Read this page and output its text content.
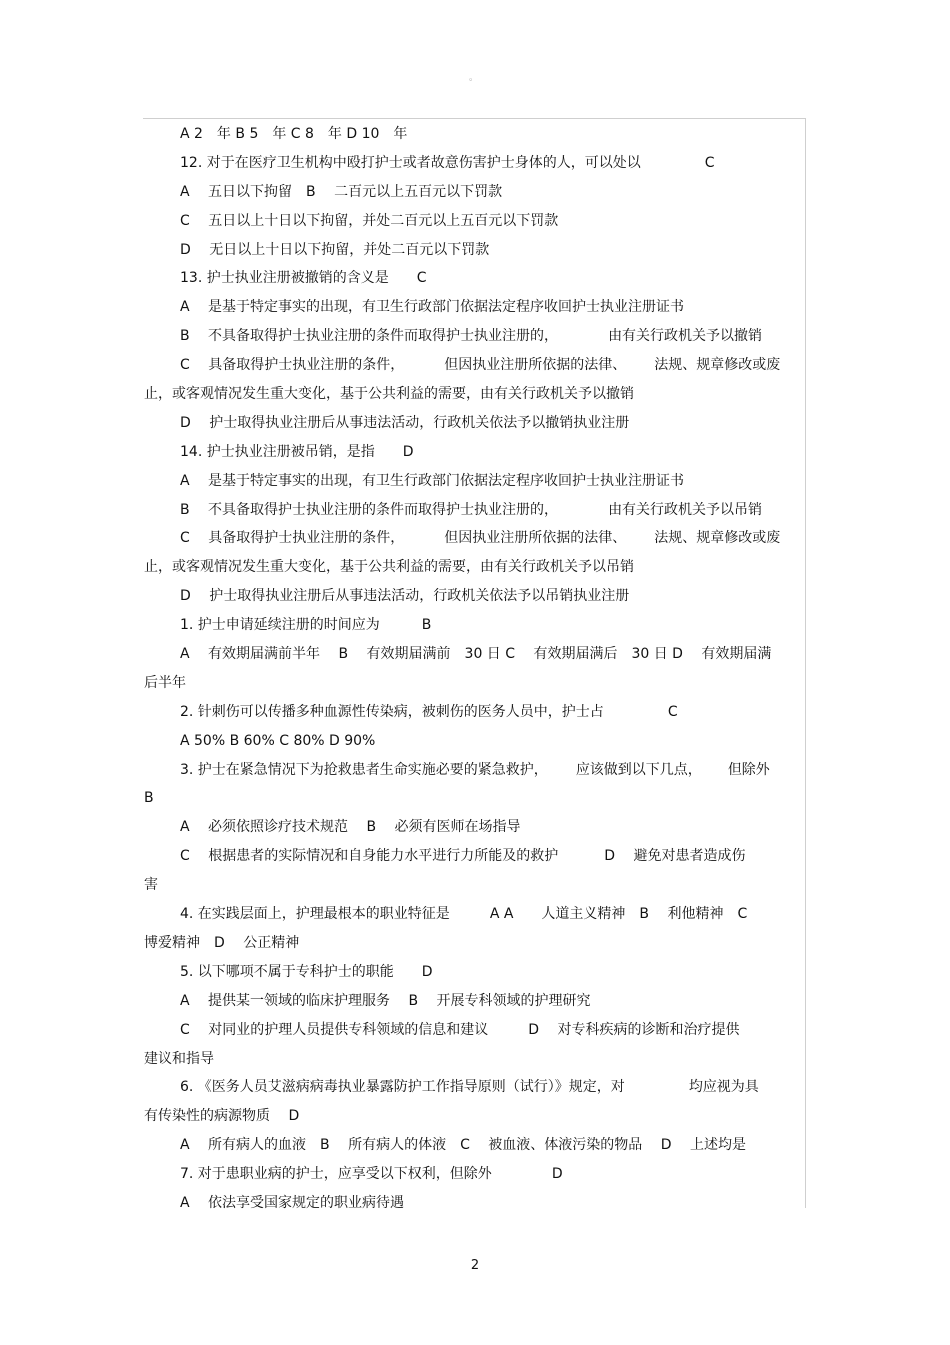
。
A 2　年 B 5　年 C 8　年 D 10　年
12. 对于在医疗卫生机构中殴打护士或者故意伤害护士身体的人，可以处以	C
A　 五日以下拘留　B　 二百元以上五百元以下罚款
C　 五日以上十日以下拘留，并处二百元以上五百元以下罚款
D　 无日以上十日以下拘留，并处二百元以下罚款
13. 护士执业注册被撤销的含义是　　C
A　 是基于特定事实的出现，有卫生行政部门依据法定程序收回护士执业注册证书
B　 不具备取得护士执业注册的条件而取得护士执业注册的，	由有关行政机关予以撤销
C　 具备取得护士执业注册的条件，	但因执业注册所依据的法律、 法规、规章修改或废
止，或客观情况发生重大变化，基于公共利益的需要，由有关行政机关予以撤销
D　 护士取得执业注册后从事违法活动，行政机关依法予以撤销执业注册
14. 护士执业注册被吊销，是指　　D
A　 是基于特定事实的出现，有卫生行政部门依据法定程序收回护士执业注册证书
B　 不具备取得护士执业注册的条件而取得护士执业注册的，	由有关行政机关予以吊销
C　 具备取得护士执业注册的条件，	但因执业注册所依据的法律、 法规、规章修改或废
止，或客观情况发生重大变化，基于公共利益的需要，由有关行政机关予以吊销
D　 护士取得执业注册后从事违法活动，行政机关依法予以吊销执业注册
1. 护士申请延续注册的时间应为　　　B
A　 有效期届满前半年　 B　 有效期届满前　30 日 C　 有效期届满后　30 日 D　 有效期届满
后半年
2. 针刺伤可以传播多种血源性传染病，被刺伤的医务人员中，护士占	C
A 50% B 60% C 80% D 90%
3. 护士在紧急情况下为抢救患者生命实施必要的紧急救护， 应该做到以下几点， 但除外
B
A　 必须依照诊疗技术规范　 B　 必须有医师在场指导
C　 根据患者的实际情况和自身能力水平进行力所能及的救护	D　 避免对患者造成伤
害
4. 在实践层面上，护理最根本的职业特征是	A A　　人道主义精神　B　 利他精神　C
博爱精神　D　 公正精神
5. 以下哪项不属于专科护士的职能　　D
A　 提供某一领域的临床护理服务　 B　 开展专科领域的护理研究
C　 对同业的护理人员提供专科领域的信息和建议	D　 对专科疾病的诊断和治疗提供
建议和指导
6. 《医务人员艾滋病病毒执业暴露防护工作指导原则（试行）》规定，对	均应视为具
有传染性的病源物质　 D
A　 所有病人的血液　B　 所有病人的体液　C　 被血液、体液污染的物品　 D　 上述均是
7. 对于患职业病的护士，应享受以下权利，但除外	D
A　 依法享受国家规定的职业病待遇
2
